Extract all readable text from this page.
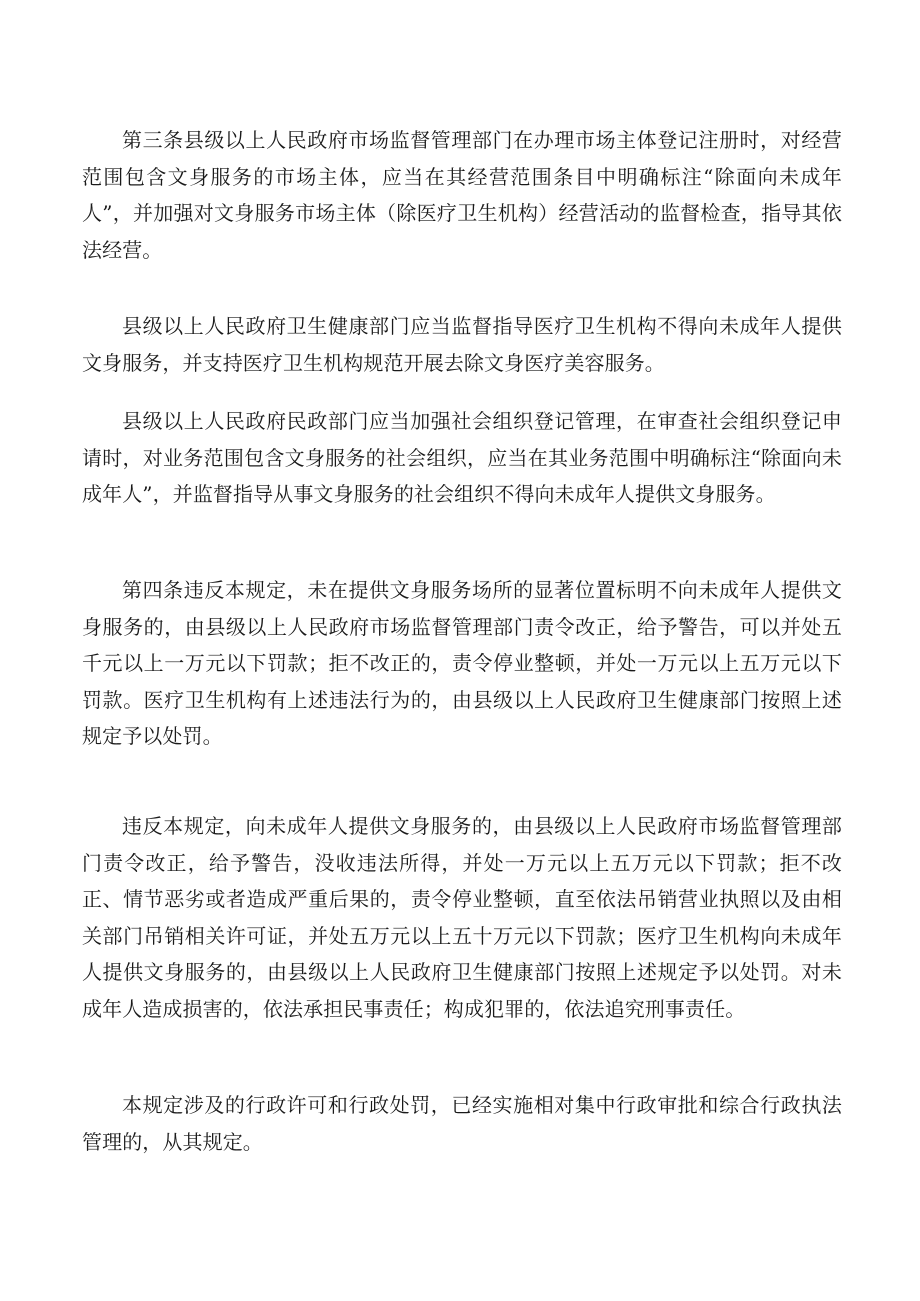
第三条县级以上人民政府市场监督管理部门在办理市场主体登记注册时，对经营范围包含文身服务的市场主体，应当在其经营范围条目中明确标注“除面向未成年人”，并加强对文身服务市场主体（除医疗卫生机构）经营活动的监督检查，指导其依法经营。

县级以上人民政府卫生健康部门应当监督指导医疗卫生机构不得向未成年人提供文身服务，并支持医疗卫生机构规范开展去除文身医疗美容服务。

县级以上人民政府民政部门应当加强社会组织登记管理，在审查社会组织登记申请时，对业务范围包含文身服务的社会组织，应当在其业务范围中明确标注“除面向未成年人”，并监督指导从事文身服务的社会组织不得向未成年人提供文身服务。

第四条违反本规定，未在提供文身服务场所的显著位置标明不向未成年人提供文身服务的，由县级以上人民政府市场监督管理部门责令改正，给予警告，可以并处五千元以上一万元以下罚款；拒不改正的，责令停业整顿，并处一万元以上五万元以下罚款。医疗卫生机构有上述违法行为的，由县级以上人民政府卫生健康部门按照上述规定予以处罚。

违反本规定，向未成年人提供文身服务的，由县级以上人民政府市场监督管理部门责令改正，给予警告，没收违法所得，并处一万元以上五万元以下罚款；拒不改正、情节恶劣或者造成严重后果的，责令停业整顿，直至依法吊销营业执照以及由相关部门吊销相关许可证，并处五万元以上五十万元以下罚款；医疗卫生机构向未成年人提供文身服务的，由县级以上人民政府卫生健康部门按照上述规定予以处罚。对未成年人造成损害的，依法承担民事责任；构成犯罪的，依法追究刑事责任。

本规定涉及的行政许可和行政处罚，已经实施相对集中行政审批和综合行政执法管理的，从其规定。
